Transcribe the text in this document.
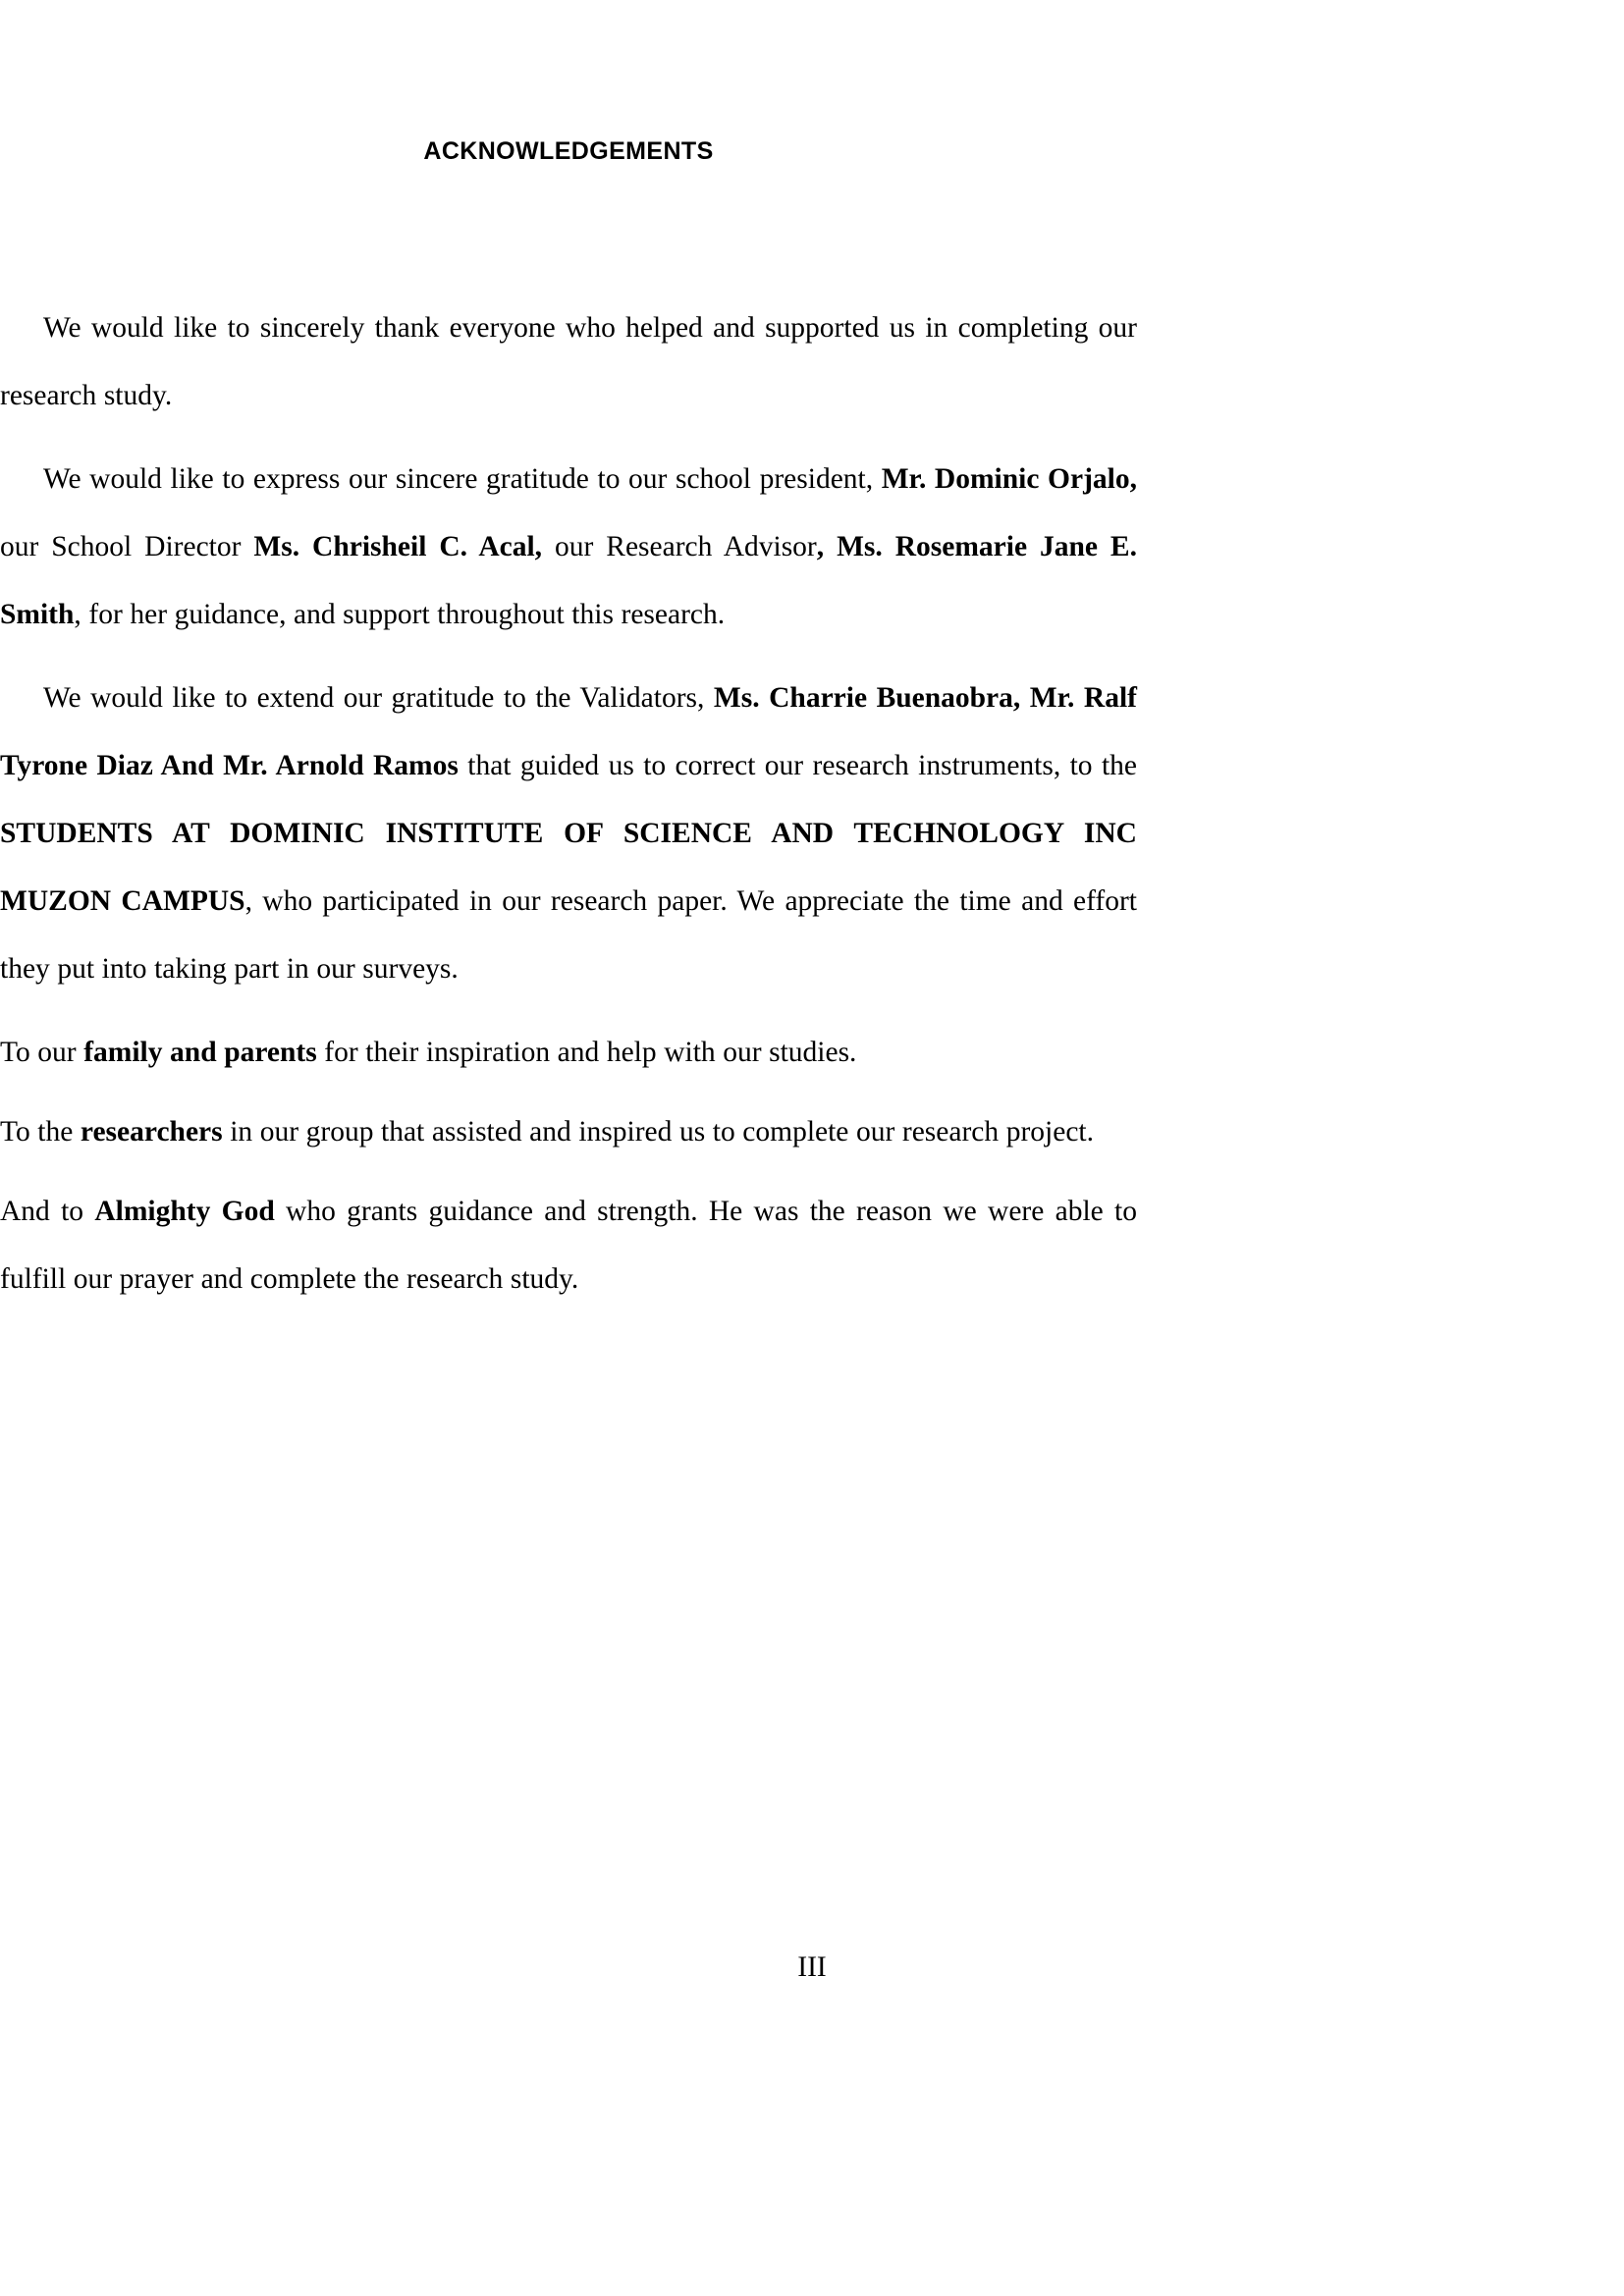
ACKNOWLEDGEMENTS

We would like to sincerely thank everyone who helped and supported us in completing our research study.

We would like to express our sincere gratitude to our school president, Mr. Dominic Orjalo, our School Director Ms. Chrisheil C. Acal, our Research Advisor, Ms. Rosemarie Jane E. Smith, for her guidance, and support throughout this research.

We would like to extend our gratitude to the Validators, Ms. Charrie Buenaobra, Mr. Ralf Tyrone Diaz And Mr. Arnold Ramos that guided us to correct our research instruments, to the STUDENTS AT DOMINIC INSTITUTE OF SCIENCE AND TECHNOLOGY INC MUZON CAMPUS, who participated in our research paper. We appreciate the time and effort they put into taking part in our surveys.

To our family and parents for their inspiration and help with our studies.

To the researchers in our group that assisted and inspired us to complete our research project.

And to Almighty God who grants guidance and strength. He was the reason we were able to fulfill our prayer and complete the research study.

III
